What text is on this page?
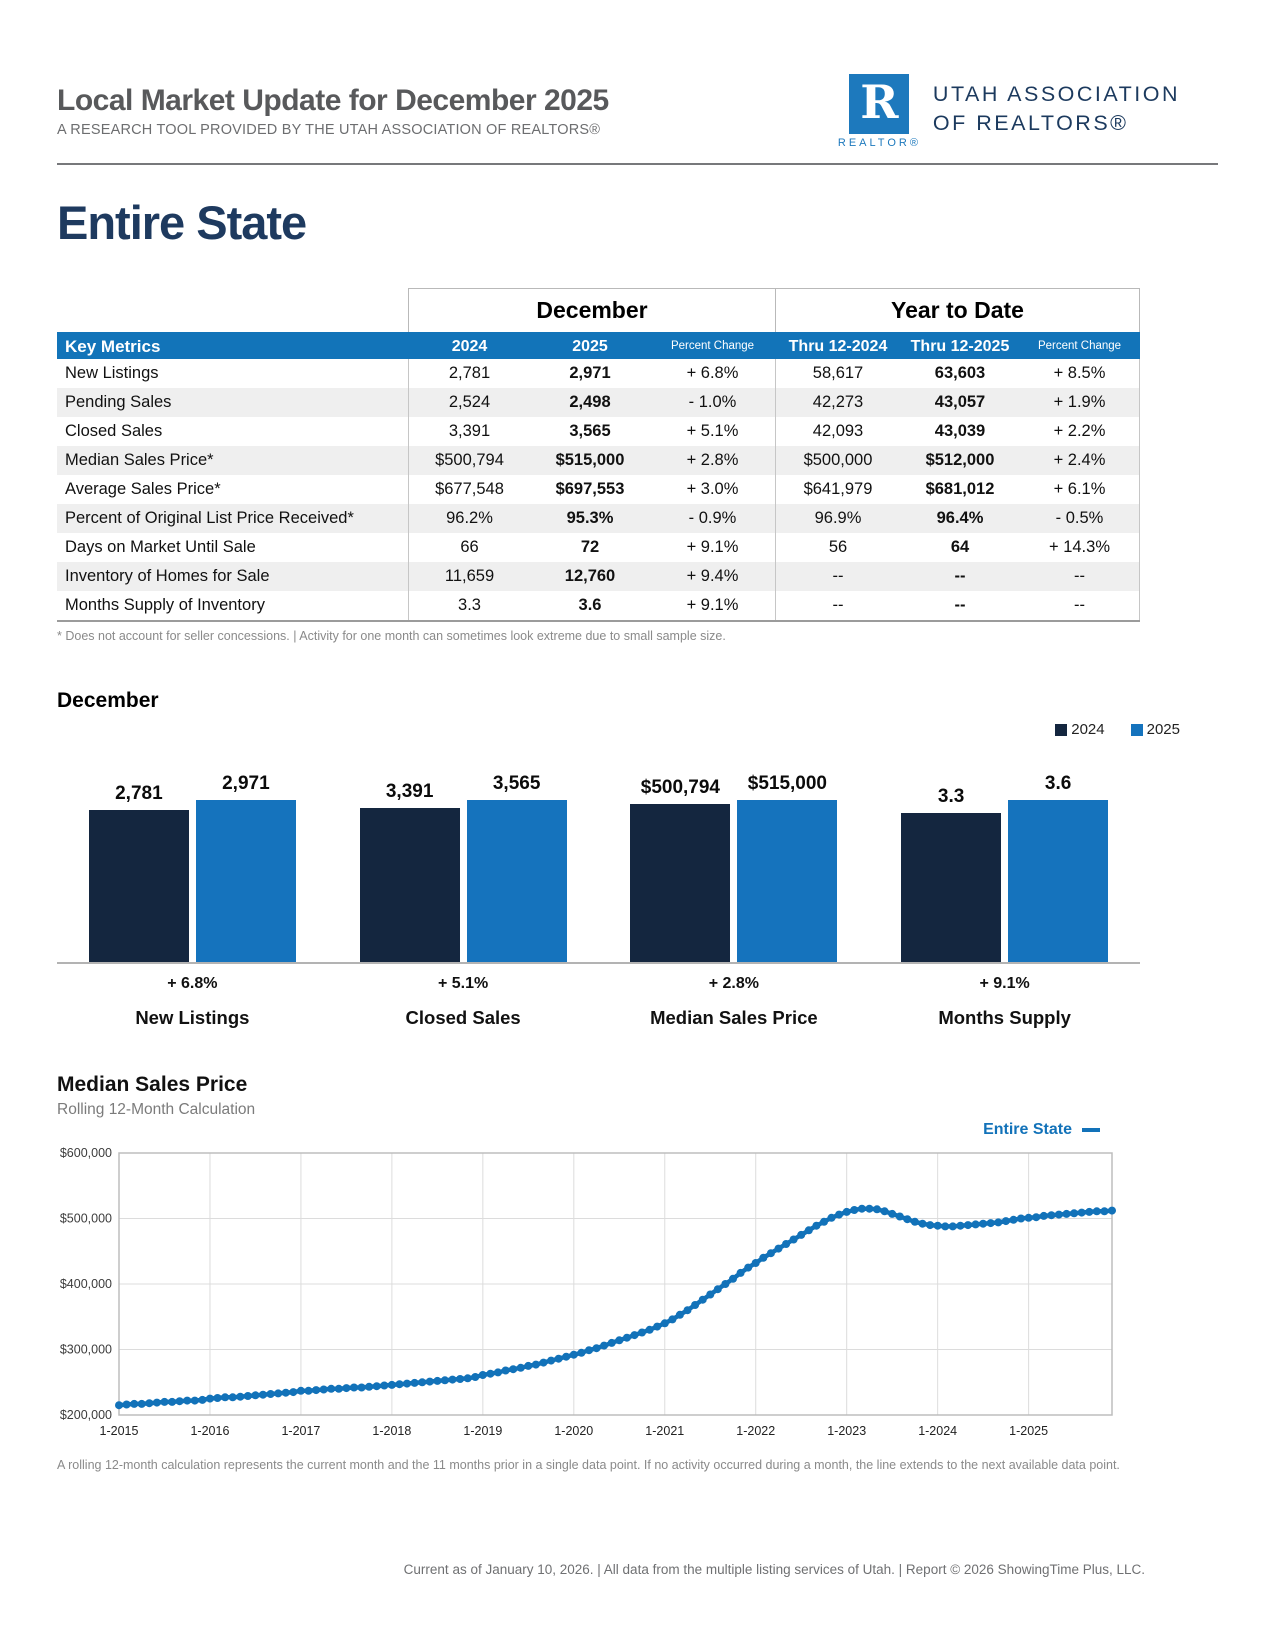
Local Market Update for December 2025
A RESEARCH TOOL PROVIDED BY THE UTAH ASSOCIATION OF REALTORS®
R
REALTOR®
UTAH ASSOCIATION
OF REALTORS®
Entire State
December	Year to Date
Key Metrics	2024	2025	Percent Change	Thru 12-2024	Thru 12-2025	Percent Change
New Listings	2,781	2,971	+ 6.8%	58,617	63,603	+ 8.5%
Pending Sales	2,524	2,498	- 1.0%	42,273	43,057	+ 1.9%
Closed Sales	3,391	3,565	+ 5.1%	42,093	43,039	+ 2.2%
Median Sales Price*	$500,794	$515,000	+ 2.8%	$500,000	$512,000	+ 2.4%
Average Sales Price*	$677,548	$697,553	+ 3.0%	$641,979	$681,012	+ 6.1%
Percent of Original List Price Received*	96.2%	95.3%	- 0.9%	96.9%	96.4%	- 0.5%
Days on Market Until Sale	66	72	+ 9.1%	56	64	+ 14.3%
Inventory of Homes for Sale	11,659	12,760	+ 9.4%	--	--	--
Months Supply of Inventory	3.3	3.6	+ 9.1%	--	--	--
* Does not account for seller concessions. | Activity for one month can sometimes look extreme due to small sample size.
December
2024	2025
2,781	2,971	3,391	3,565	$500,794 $515,000
3.3
3.6
+ 6.8%	+ 5.1%	+ 2.8%	+ 9.1%
New Listings	Closed Sales	Median Sales Price	Months Supply
Median Sales Price
Rolling 12-Month Calculation
Entire State
$200,000
$300,000
$400,000
$500,000
$600,000
1-2015	1-2016	1-2017	1-2018	1-2019	1-2020	1-2021	1-2022	1-2023	1-2024	1-2025
A rolling 12-month calculation represents the current month and the 11 months prior in a single data point. If no activity occurred during a month, the line extends to the next available data point.
Current as of January 10, 2026. | All data from the multiple listing services of Utah. | Report © 2026 ShowingTime Plus, LLC.
